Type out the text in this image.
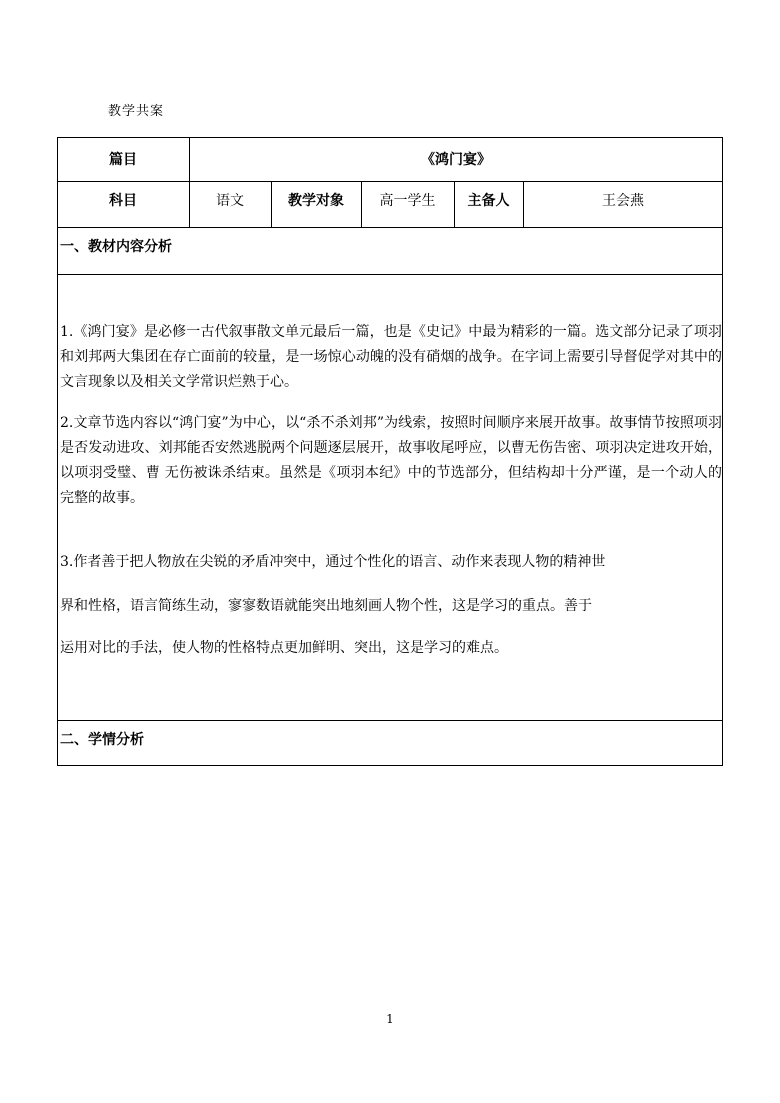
教学共案
篇目	《鸿门宴》
科目	语文	教学对象	高一学生	主备人	王会燕
一、教材内容分析
1.《鸿门宴》是必修一古代叙事散文单元最后一篇，也是《史记》中最为精彩的一篇。选文部分记录了项羽和刘邦两大集团在存亡面前的较量，是一场惊心动魄的没有硝烟的战争。在字词上需要引导督促学对其中的文言现象以及相关文学常识烂熟于心。
2.文章节选内容以“鸿门宴”为中心，以“杀不杀刘邦”为线索，按照时间顺序来展开故事。故事情节按照项羽是否发动进攻、刘邦能否安然逃脱两个问题逐层展开，故事收尾呼应，以曹无伤告密、项羽决定进攻开始，以项羽受璧、曹 无伤被诛杀结束。虽然是《项羽本纪》中的节选部分，但结构却十分严谨，是一个动人的完整的故事。
3.作者善于把人物放在尖锐的矛盾冲突中，通过个性化的语言、动作来表现人物的精神世
界和性格，语言简练生动，寥寥数语就能突出地刻画人物个性，这是学习的重点。善于
运用对比的手法，使人物的性格特点更加鲜明、突出，这是学习的难点。
二、学情分析
1
